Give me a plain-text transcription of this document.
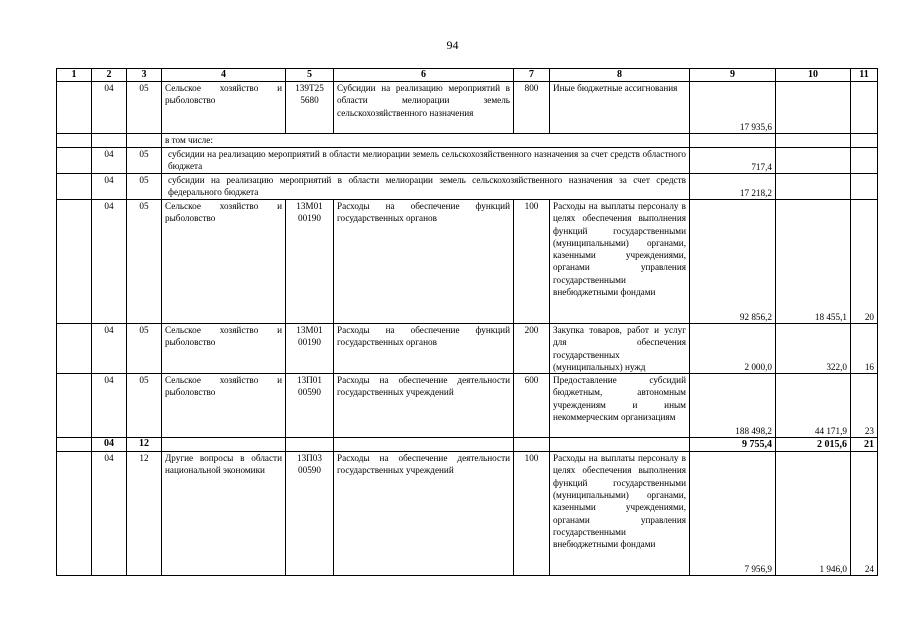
94
1	2	3	4	5	6	7	8	9	10	11
	04	05	Сельское хозяйство и рыболовство	139Т25 5680	Субсидии на реализацию мероприятий в области мелиорации земель сельскохозяйственного назначения	800	Иные бюджетные ассигнования	17 935,6		
			в том числе:							
	04	05	субсидии на реализацию мероприятий в области мелиорации земель сельскохозяйственного назначения за счет средств областного бюджета					717,4		
	04	05	субсидии на реализацию мероприятий в области мелиорации земель сельскохозяйственного назначения за счет средств федерального бюджета					17 218,2		
	04	05	Сельское хозяйство и рыболовство	13М01 00190	Расходы на обеспечение функций государственных органов	100	Расходы на выплаты персоналу в целях обеспечения выполнения функций государственными (муниципальными) органами, казенными учреждениями, органами управления государственными внебюджетными фондами	92 856,2	18 455,1	20
	04	05	Сельское хозяйство и рыболовство	13М01 00190	Расходы на обеспечение функций государственных органов	200	Закупка товаров, работ и услуг для обеспечения государственных (муниципальных) нужд	2 000,0	322,0	16
	04	05	Сельское хозяйство и рыболовство	13П01 00590	Расходы на обеспечение деятельности государственных учреждений	600	Предоставление субсидий бюджетным, автономным учреждениям и иным некоммерческим организациям	188 498,2	44 171,9	23
	04	12						9 755,4	2 015,6	21
	04	12	Другие вопросы в области национальной экономики	13П03 00590	Расходы на обеспечение деятельности государственных учреждений	100	Расходы на выплаты персоналу в целях обеспечения выполнения функций государственными (муниципальными) органами, казенными учреждениями, органами управления государственными внебюджетными фондами	7 956,9	1 946,0	24
